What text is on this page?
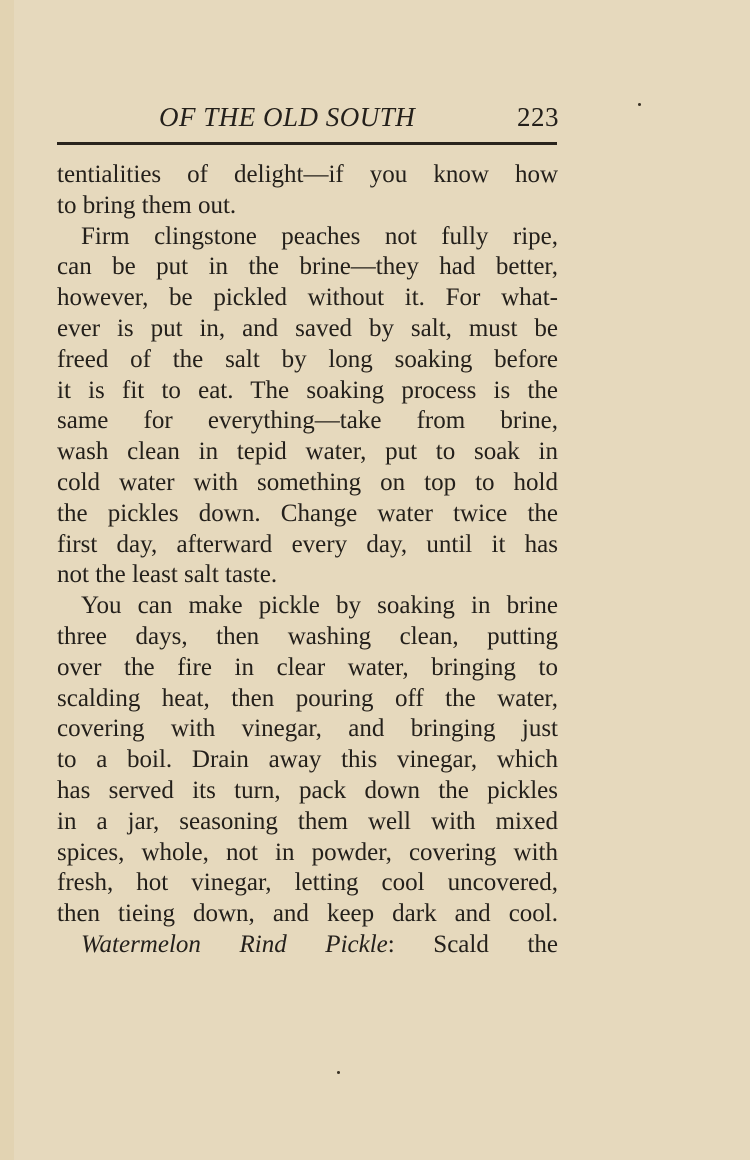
OF THE OLD SOUTH	223
tentialities of delight—if you know how
to bring them out.
Firm clingstone peaches not fully ripe,
can be put in the brine—they had better,
however, be pickled without it. For what-
ever is put in, and saved by salt, must be
freed of the salt by long soaking before
it is fit to eat. The soaking process is the
same for everything—take from brine,
wash clean in tepid water, put to soak in
cold water with something on top to hold
the pickles down. Change water twice the
first day, afterward every day, until it has
not the least salt taste.
You can make pickle by soaking in brine
three days, then washing clean, putting
over the fire in clear water, bringing to
scalding heat, then pouring off the water,
covering with vinegar, and bringing just
to a boil. Drain away this vinegar, which
has served its turn, pack down the pickles
in a jar, seasoning them well with mixed
spices, whole, not in powder, covering with
fresh, hot vinegar, letting cool uncovered,
then tieing down, and keep dark and cool.
Watermelon Rind Pickle: Scald the
